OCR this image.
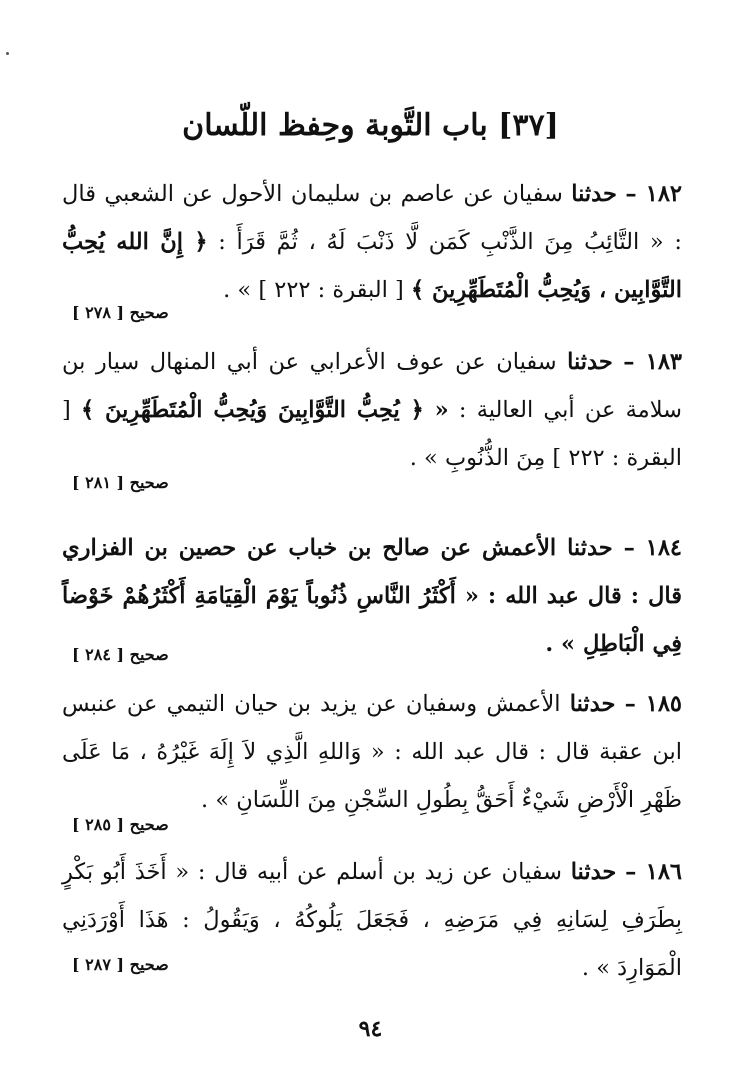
[٣٧] باب التَّوبة وحِفظ اللّسان
١٨٢ – حدثنا سفيان عن عاصم بن سليمان الأحول عن الشعبي قال : « التَّائِبُ مِنَ الذَّنْبِ كَمَن لَّا ذَنْبَ لَهُ ، ثُمَّ قَرَأَ : ﴿ إِنَّ الله يُحِبُّ التَّوَّابِين ، وَيُحِبُّ الْمُتَطَهِّرِينَ ﴾ [ البقرة : ٢٢٢ ] » .
صحيح [ ٢٧٨ ]
١٨٣ – حدثنا سفيان عن عوف الأعرابي عن أبي المنهال سيار بن سلامة عن أبي العالية : « ﴿ يُحِبُّ التَّوَّابِينَ وَيُحِبُّ الْمُتَطَهِّرِينَ ﴾ [ البقرة : ٢٢٢ ] مِنَ الذُّنُوبِ » .
صحيح [ ٢٨١ ]
١٨٤ – حدثنا الأعمش عن صالح بن خباب عن حصين بن الفزاري قال : قال عبد الله : « أَكْثَرُ النَّاسِ ذُنُوباً يَوْمَ الْقِيَامَةِ أَكْثَرُهُمْ خَوْضاً فِي الْبَاطِلِ » .
صحيح [ ٢٨٤ ]
١٨٥ – حدثنا الأعمش وسفيان عن يزيد بن حيان التيمي عن عنبس ابن عقبة قال : قال عبد الله : « وَاللهِ الَّذِي لاَ إِلَهَ غَيْرُهُ ، مَا عَلَى ظَهْرِ الْأَرْضِ شَيْءٌ أَحَقُّ بِطُولِ السِّجْنِ مِنَ اللِّسَانِ » .
صحيح [ ٢٨٥ ]
١٨٦ – حدثنا سفيان عن زيد بن أسلم عن أبيه قال : « أَخَذَ أَبُو بَكْرٍ بِطَرَفِ لِسَانِهِ فِي مَرَضِهِ ، فَجَعَلَ يَلُوكُهُ ، وَيَقُولُ : هَذَا أَوْرَدَنِي الْمَوَارِدَ » .
صحيح [ ٢٨٧ ]
٩٤
